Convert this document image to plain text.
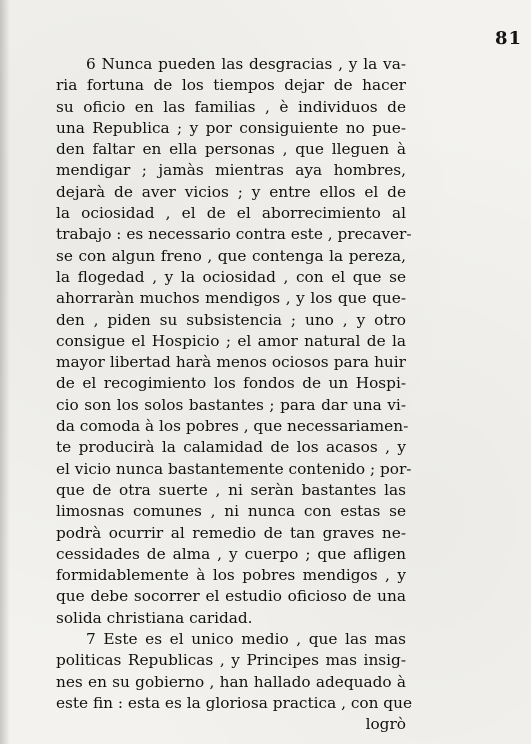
81
6 Nunca pueden las desgracias , y la va-
ria fortuna de los tiempos dejar de hacer
su oficio en las familias , è individuos de
una Republica ; y por consiguiente no pue-
den faltar en ella personas , que lleguen à
mendigar ; jamàs mientras aya hombres,
dejarà de aver vicios ; y entre ellos el de
la ociosidad , el de el aborrecimiento al
trabajo : es necessario contra este , precaver-
se con algun freno , que contenga la pereza,
la flogedad , y la ociosidad , con el que se
ahorraràn muchos mendigos , y los que que-
den , piden su subsistencia ; uno , y otro
consigue el Hospicio ; el amor natural de la
mayor libertad harà menos ociosos para huir
de el recogimiento los fondos de un Hospi-
cio son los solos bastantes ; para dar una vi-
da comoda à los pobres , que necessariamen-
te producirà la calamidad de los acasos , y
el vicio nunca bastantemente contenido ; por-
que de otra suerte , ni seràn bastantes las
limosnas comunes , ni nunca con estas se
podrà ocurrir al remedio de tan graves ne-
cessidades de alma , y cuerpo ; que afligen
formidablemente à los pobres mendigos , y
que debe socorrer el estudio oficioso de una
solida christiana caridad.
7 Este es el unico medio , que las mas
politicas Republicas , y Principes mas insig-
nes en su gobierno , han hallado adequado à
este fin : esta es la gloriosa practica , con que
logrò
